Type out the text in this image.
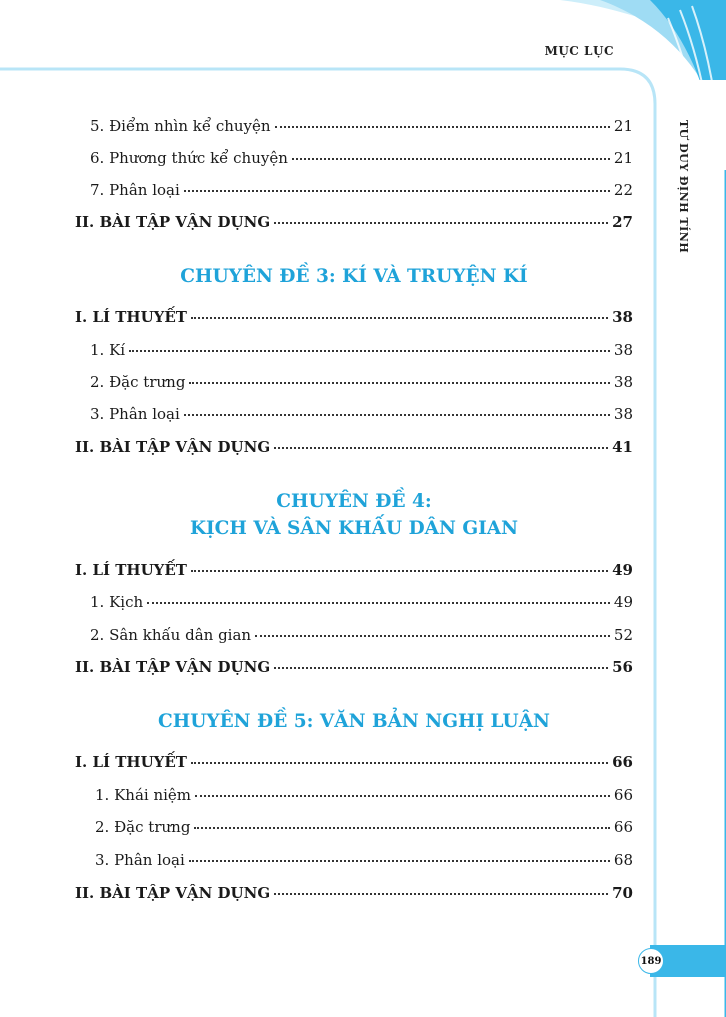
MỤC LỤC
TƯ DUY ĐỊNH TÍNH
189
5. Điểm nhìn kể chuyện	21
6. Phương thức kể chuyện	21
7. Phân loại	22
II. BÀI TẬP VẬN DỤNG	27
I. LÍ THUYẾT	38
1. Kí	38
2. Đặc trưng	38
3. Phân loại	38
II. BÀI TẬP VẬN DỤNG	41
I. LÍ THUYẾT	49
1. Kịch	49
2. Sân khấu dân gian	52
II. BÀI TẬP VẬN DỤNG	56
I. LÍ THUYẾT	66
1. Khái niệm	66
2. Đặc trưng	66
3. Phân loại	68
II. BÀI TẬP VẬN DỤNG	70
CHUYÊN ĐỀ 3: KÍ VÀ TRUYỆN KÍ
CHUYÊN ĐỀ 4:
KỊCH VÀ SÂN KHẤU DÂN GIAN
CHUYÊN ĐỀ 5: VĂN BẢN NGHỊ LUẬN
